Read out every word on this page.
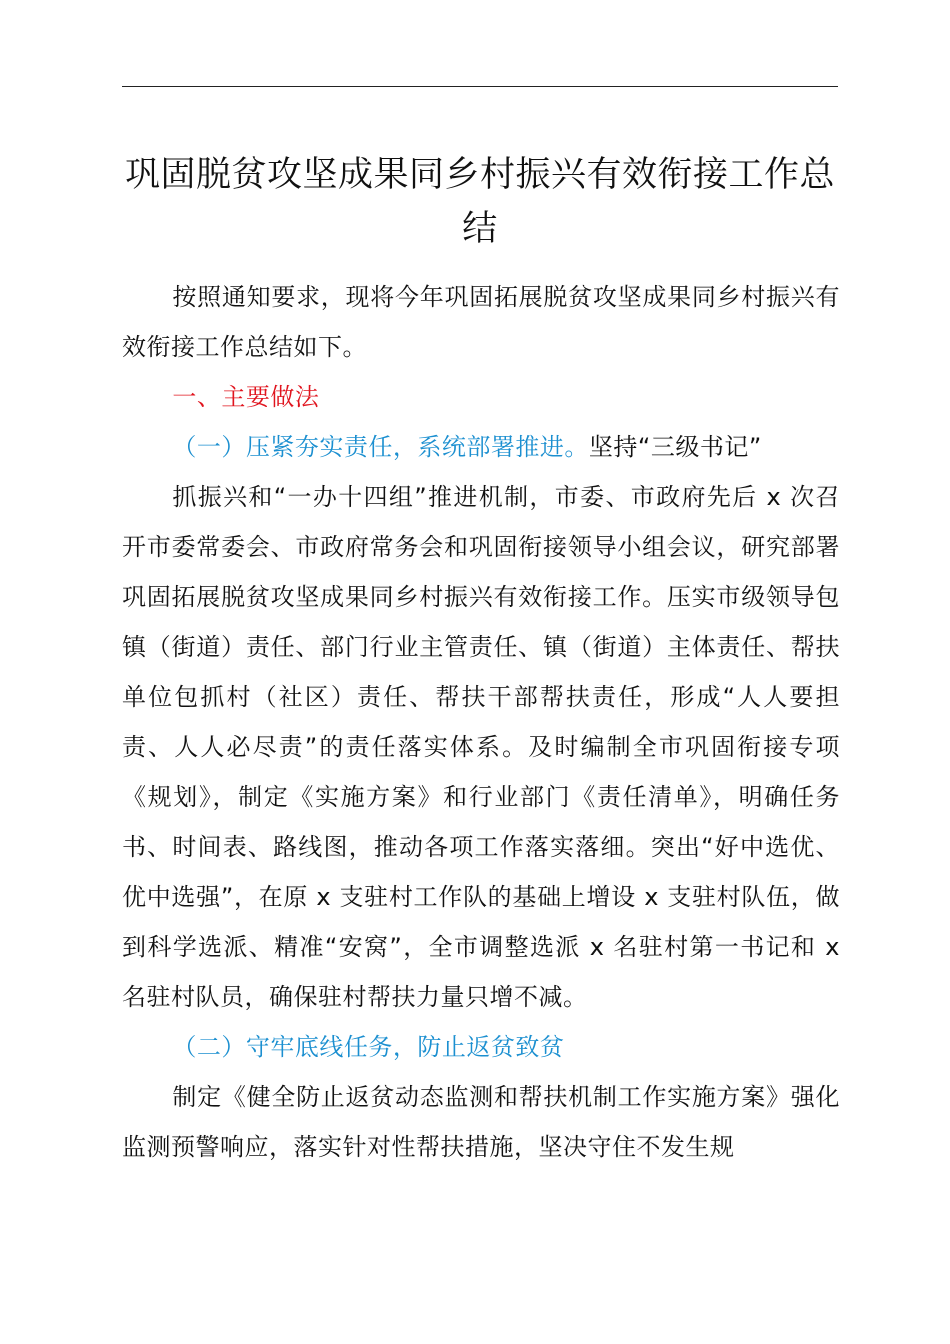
巩固脱贫攻坚成果同乡村振兴有效衔接工作总结

按照通知要求，现将今年巩固拓展脱贫攻坚成果同乡村振兴有效衔接工作总结如下。

一、主要做法

（一）压紧夯实责任，系统部署推进。坚持“三级书记”

抓振兴和“一办十四组”推进机制，市委、市政府先后 x 次召开市委常委会、市政府常务会和巩固衔接领导小组会议，研究部署巩固拓展脱贫攻坚成果同乡村振兴有效衔接工作。压实市级领导包镇（街道）责任、部门行业主管责任、镇（街道）主体责任、帮扶单位包抓村（社区）责任、帮扶干部帮扶责任，形成“人人要担责、人人必尽责”的责任落实体系。及时编制全市巩固衔接专项《规划》，制定《实施方案》和行业部门《责任清单》，明确任务书、时间表、路线图，推动各项工作落实落细。突出“好中选优、优中选强”，在原 x 支驻村工作队的基础上增设 x 支驻村队伍，做到科学选派、精准“安窝”，全市调整选派 x 名驻村第一书记和 x 名驻村队员，确保驻村帮扶力量只增不减。

（二）守牢底线任务，防止返贫致贫

制定《健全防止返贫动态监测和帮扶机制工作实施方案》强化监测预警响应，落实针对性帮扶措施，坚决守住不发生规
